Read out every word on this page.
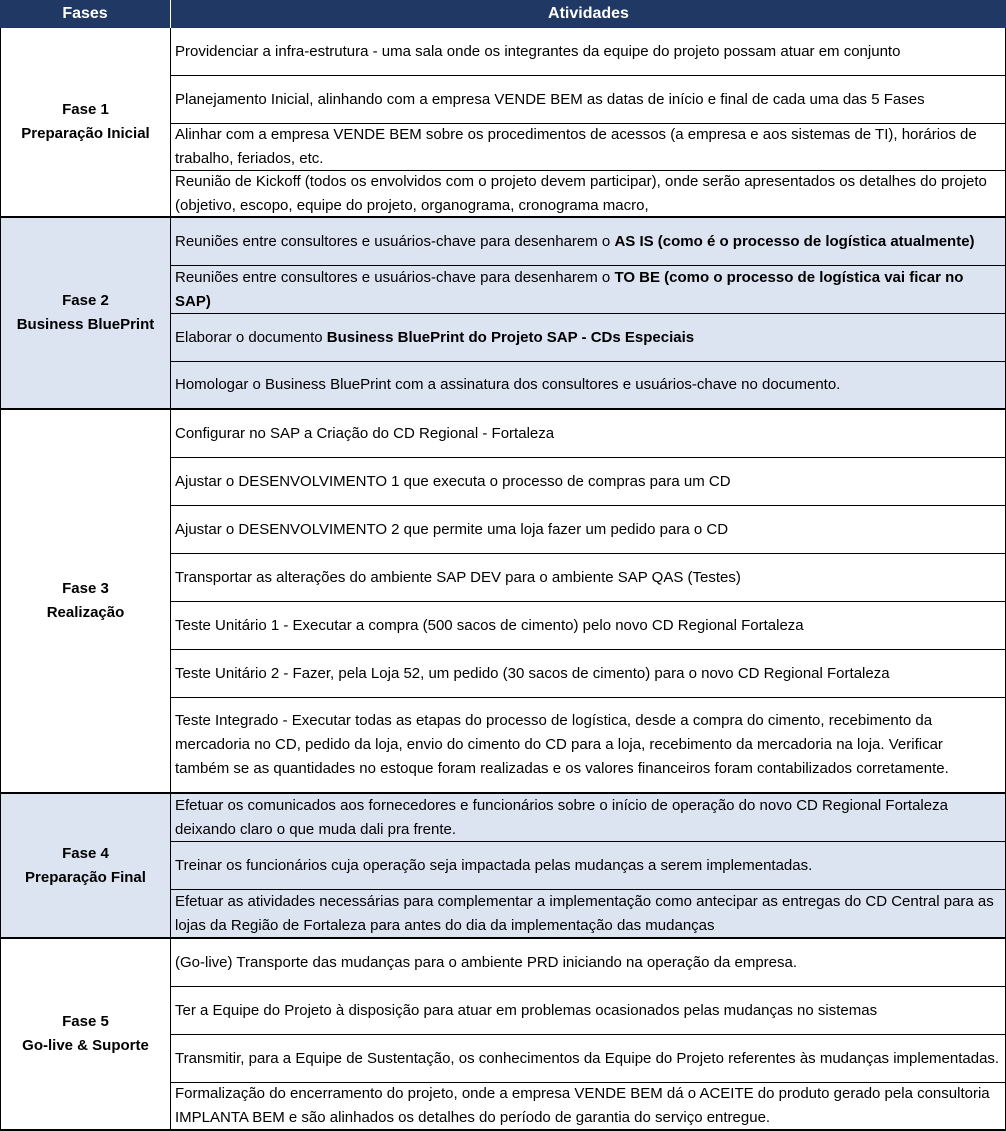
Fases	Atividades
Fase 1
Preparação Inicial
Providenciar a infra-estrutura - uma sala onde os integrantes da equipe do projeto possam atuar em conjunto
Planejamento Inicial, alinhando com a empresa VENDE BEM as datas de início e final de cada uma das 5 Fases
Alinhar com a empresa VENDE BEM sobre os procedimentos de acessos (a empresa e aos sistemas de TI), horários de trabalho, feriados, etc.
Reunião de Kickoff (todos os envolvidos com o projeto devem participar), onde serão apresentados os detalhes do projeto (objetivo, escopo, equipe do projeto, organograma, cronograma macro,
Fase 2
Business BluePrint
Reuniões entre consultores e usuários-chave para desenharem o AS IS (como é o processo de logística atualmente)
Reuniões entre consultores e usuários-chave para desenharem o TO BE (como o processo de logística vai ficar no SAP)
Elaborar o documento Business BluePrint do Projeto SAP - CDs Especiais
Homologar o Business BluePrint com a assinatura dos consultores e usuários-chave no documento.
Fase 3
Realização
Configurar no SAP a Criação do CD Regional - Fortaleza
Ajustar o DESENVOLVIMENTO 1 que executa o processo de compras para um CD
Ajustar o DESENVOLVIMENTO 2 que permite uma loja fazer um pedido para o CD
Transportar as alterações do ambiente SAP DEV para o ambiente SAP QAS (Testes)
Teste Unitário 1 - Executar a compra (500 sacos de cimento) pelo novo CD Regional Fortaleza
Teste Unitário 2 - Fazer, pela Loja 52, um pedido (30 sacos de cimento) para o novo CD Regional Fortaleza
Teste Integrado - Executar todas as etapas do processo de logística, desde a compra do cimento, recebimento da mercadoria no CD, pedido da loja, envio do cimento do CD para a loja, recebimento da mercadoria na loja. Verificar também se as quantidades no estoque foram realizadas e os valores financeiros foram contabilizados corretamente.
Fase 4
Preparação Final
Efetuar os comunicados aos fornecedores e funcionários sobre o início de operação do novo CD Regional Fortaleza deixando claro o que muda dali pra frente.
Treinar os funcionários cuja operação seja impactada pelas mudanças a serem implementadas.
Efetuar as atividades necessárias para complementar a implementação como antecipar as entregas do CD Central para as lojas da Região de Fortaleza para antes do dia da implementação das mudanças
Fase 5
Go-live & Suporte
(Go-live) Transporte das mudanças para o ambiente PRD iniciando na operação da empresa.
Ter a Equipe do Projeto à disposição para atuar em problemas ocasionados pelas mudanças no sistemas
Transmitir, para a Equipe de Sustentação, os conhecimentos da Equipe do Projeto referentes às mudanças implementadas.
Formalização do encerramento do projeto, onde a empresa VENDE BEM dá o ACEITE do produto gerado pela consultoria IMPLANTA BEM e são alinhados os detalhes do período de garantia do serviço entregue.
